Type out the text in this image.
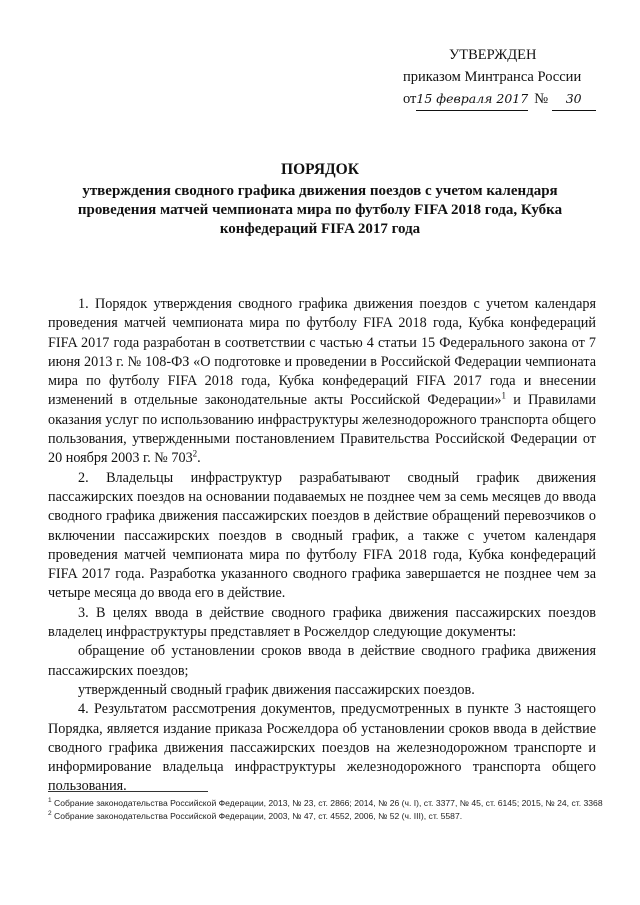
УТВЕРЖДЕН
приказом Минтранса России
от15 февраля 2017 № 30
ПОРЯДОК
утверждения сводного графика движения поездов с учетом календаря проведения матчей чемпионата мира по футболу FIFA 2018 года, Кубка конфедераций FIFA 2017 года

1. Порядок утверждения сводного графика движения поездов с учетом календаря проведения матчей чемпионата мира по футболу FIFA 2018 года, Кубка конфедераций FIFA 2017 года разработан в соответствии с частью 4 статьи 15 Федерального закона от 7 июня 2013 г. № 108-ФЗ «О подготовке и проведении в Российской Федерации чемпионата мира по футболу FIFA 2018 года, Кубка конфедераций FIFA 2017 года и внесении изменений в отдельные законодательные акты Российской Федерации»$^1$ и Правилами оказания услуг по использованию инфраструктуры железнодорожного транспорта общего пользования, утвержденными постановлением Правительства Российской Федерации от 20 ноября 2003 г. № $703^2$.

2. Владельцы инфраструктур разрабатывают сводный график движения пассажирских поездов на основании подаваемых не позднее чем за семь месяцев до ввода сводного графика движения пассажирских поездов в действие обращений перевозчиков о включении пассажирских поездов в сводный график, а также с учетом календаря проведения матчей чемпионата мира по футболу FIFA 2018 года, Кубка конфедераций FIFA 2017 года. Разработка указанного сводного графика завершается не позднее чем за четыре месяца до ввода его в действие.

3. В целях ввода в действие сводного графика движения пассажирских поездов владелец инфраструктуры представляет в Росжелдор следующие документы:

обращение об установлении сроков ввода в действие сводного графика движения пассажирских поездов;

утвержденный сводный график движения пассажирских поездов.

4. Результатом рассмотрения документов, предусмотренных в пункте 3 настоящего Порядка, является издание приказа Росжелдора об установлении сроков ввода в действие сводного графика движения пассажирских поездов на железнодорожном транспорте и информирование владельца инфраструктуры железнодорожного транспорта общего пользования.

$^1$ Собрание законодательства Российской Федерации, 2013, № 23, ст. 2866; 2014, № 26 (ч. I), ст. 3377, № 45, ст. 6145; 2015, № 24, ст. 3368

$^2$ Собрание законодательства Российской Федерации, 2003, № 47, ст. 4552, 2006, № 52 (ч. III), ст. 5587.
